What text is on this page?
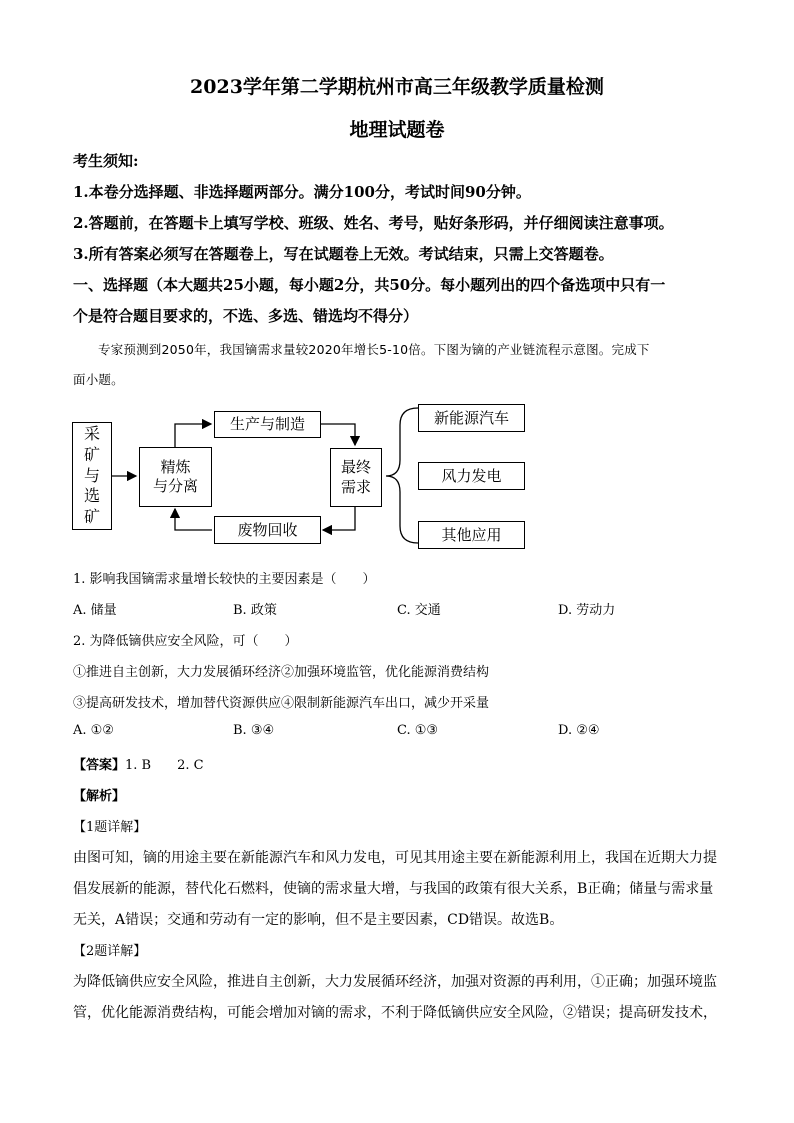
2023学年第二学期杭州市高三年级教学质量检测
地理试题卷
考生须知:
1.本卷分选择题、非选择题两部分。满分100分，考试时间90分钟。
2.答题前，在答题卡上填写学校、班级、姓名、考号，贴好条形码，并仔细阅读注意事项。
3.所有答案必须写在答题卷上，写在试题卷上无效。考试结束，只需上交答题卷。
一、选择题（本大题共25小题，每小题2分，共50分。每小题列出的四个备选项中只有一
个是符合题目要求的，不选、多选、错选均不得分）
专家预测到2050年，我国镝需求量较2020年增长5-10倍。下图为镝的产业链流程示意图。完成下
面小题。
采
矿
与
选
矿
精炼
与分离
生产与制造
废物回收
最终
需求
新能源汽车
风力发电
其他应用
1. 影响我国镝需求量增长较快的主要因素是（　　）
A. 储量	B. 政策	C. 交通	D. 劳动力
2. 为降低镝供应安全风险，可（　　）
①推进自主创新，大力发展循环经济②加强环境监管，优化能源消费结构
③提高研发技术，增加替代资源供应④限制新能源汽车出口，减少开采量
A. ①②	B. ③④	C. ①③	D. ②④
【答案】1. B 2. C
【解析】
【1题详解】
由图可知，镝的用途主要在新能源汽车和风力发电，可见其用途主要在新能源利用上，我国在近期大力提
倡发展新的能源，替代化石燃料，使镝的需求量大增，与我国的政策有很大关系，B正确；储量与需求量
无关，A错误；交通和劳动有一定的影响，但不是主要因素，CD错误。故选B。
【2题详解】
为降低镝供应安全风险，推进自主创新，大力发展循环经济，加强对资源的再利用，①正确；加强环境监
管，优化能源消费结构，可能会增加对镝的需求，不利于降低镝供应安全风险，②错误；提高研发技术，
